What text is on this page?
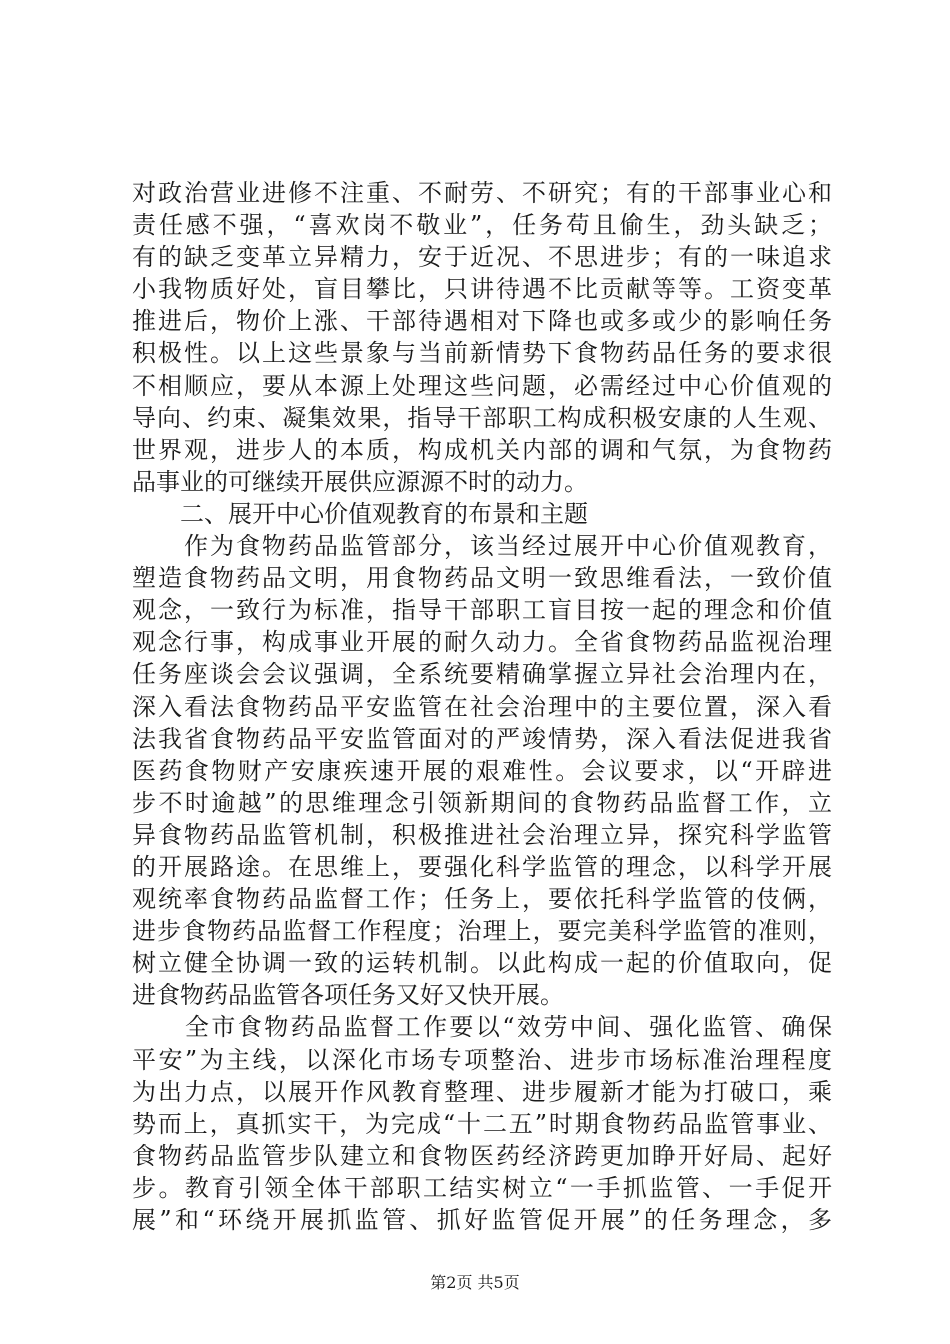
对政治营业进修不注重、不耐劳、不研究；有的干部事业心和
责任感不强，“喜欢岗不敬业”，任务苟且偷生，劲头缺乏；
有的缺乏变革立异精力，安于近况、不思进步；有的一味追求
小我物质好处，盲目攀比，只讲待遇不比贡献等等。工资变革
推进后，物价上涨、干部待遇相对下降也或多或少的影响任务
积极性。以上这些景象与当前新情势下食物药品任务的要求很
不相顺应，要从本源上处理这些问题，必需经过中心价值观的
导向、约束、凝集效果，指导干部职工构成积极安康的人生观、
世界观，进步人的本质，构成机关内部的调和气氛，为食物药
品事业的可继续开展供应源源不时的动力。
　　二、展开中心价值观教育的布景和主题
　　作为食物药品监管部分，该当经过展开中心价值观教育，
塑造食物药品文明，用食物药品文明一致思维看法，一致价值
观念，一致行为标准，指导干部职工盲目按一起的理念和价值
观念行事，构成事业开展的耐久动力。全省食物药品监视治理
任务座谈会会议强调，全系统要精确掌握立异社会治理内在，
深入看法食物药品平安监管在社会治理中的主要位置，深入看
法我省食物药品平安监管面对的严竣情势，深入看法促进我省
医药食物财产安康疾速开展的艰难性。会议要求，以“开辟进
步不时逾越”的思维理念引领新期间的食物药品监督工作，立
异食物药品监管机制，积极推进社会治理立异，探究科学监管
的开展路途。在思维上，要强化科学监管的理念，以科学开展
观统率食物药品监督工作；任务上，要依托科学监管的伎俩，
进步食物药品监督工作程度；治理上，要完美科学监管的准则，
树立健全协调一致的运转机制。以此构成一起的价值取向，促
进食物药品监管各项任务又好又快开展。
　　全市食物药品监督工作要以“效劳中间、强化监管、确保
平安”为主线，以深化市场专项整治、进步市场标准治理程度
为出力点，以展开作风教育整理、进步履新才能为打破口，乘
势而上，真抓实干，为完成“十二五”时期食物药品监管事业、
食物药品监管步队建立和食物医药经济跨更加睁开好局、起好
步。教育引领全体干部职工结实树立“一手抓监管、一手促开
展”和“环绕开展抓监管、抓好监管促开展”的任务理念，多
第2页 共5页
